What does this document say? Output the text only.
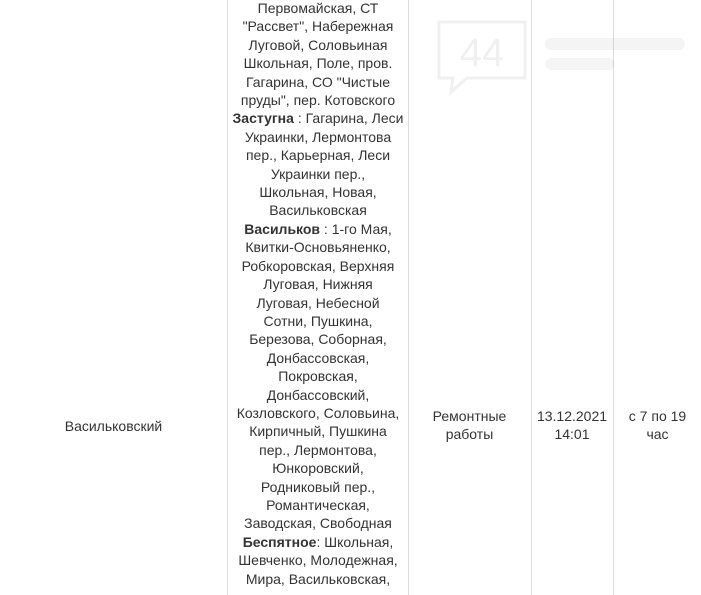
Первомайская, СТ
"Рассвет", Набережная
Луговой, Соловьиная
Школьная, Поле, пров.
Гагарина, СО "Чистые
пруды", пер. Котовского
Застугна : Гагарина, Леси
Украинки, Лермонтова
пер., Карьерная, Леси
Украинки пер.,
Школьная, Новая,
Васильковская
Васильков : 1-го Мая,
Квитки-Основьяненко,
Робкоровская, Верхняя
Луговая, Нижняя
Луговая, Небесной
Сотни, Пушкина,
Березова, Соборная,
Донбассовская,
Покровская,
Донбассовский,
Козловского, Соловьина,
Кирпичный, Пушкина
пер., Лермонтова,
Юнкоровский,
Родниковый пер.,
Романтическая,
Заводская, Свободная
Беспятное: Школьная,
Шевченко, Молодежная,
Мира, Васильковская,
Васильковский
Ремонтные
работы
13.12.2021
14:01
с 7 по 19
час
44
